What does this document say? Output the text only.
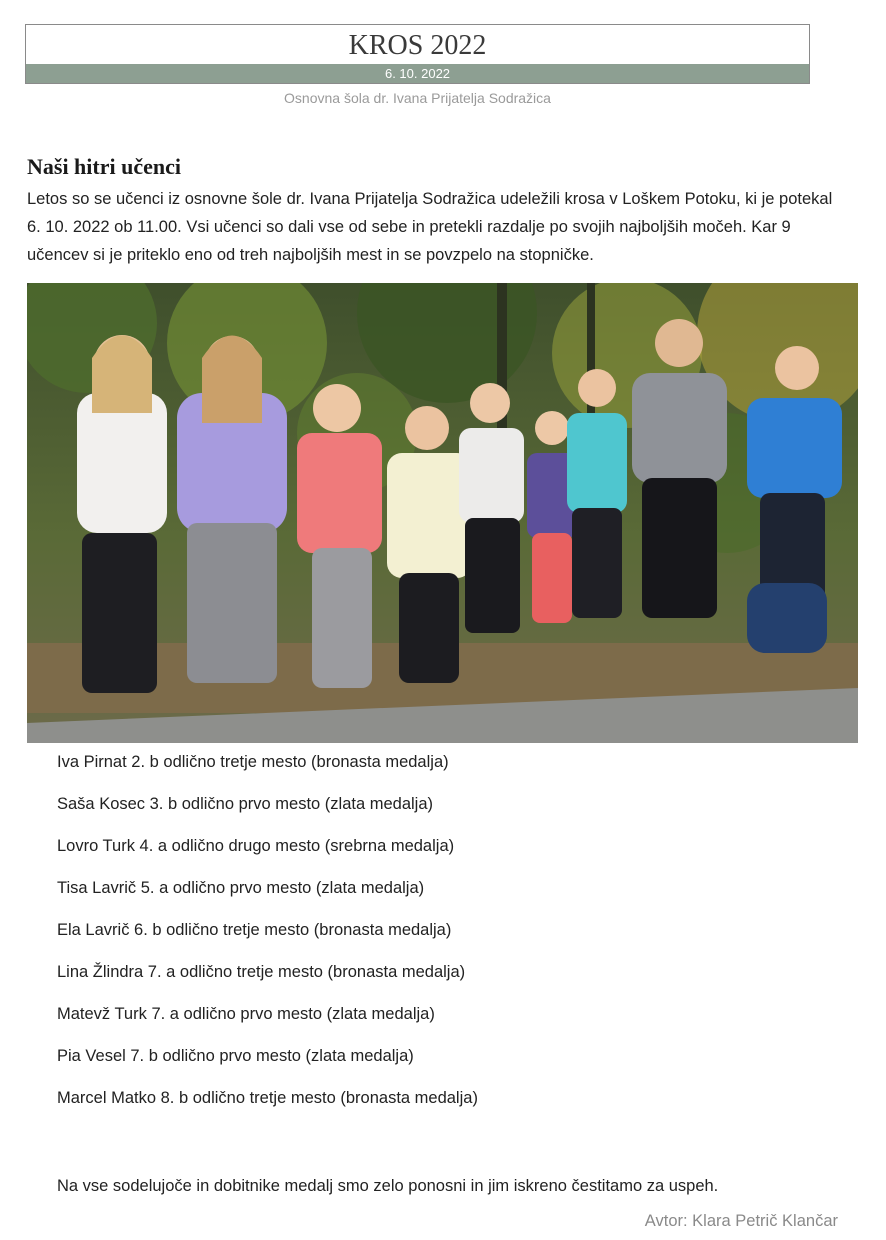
KROS 2022
6. 10. 2022
Osnovna šola dr. Ivana Prijatelja Sodražica
Naši hitri učenci

Letos so se učenci iz osnovne šole dr. Ivana Prijatelja Sodražica udeležili krosa v Loškem Potoku, ki je potekal 6. 10. 2022 ob 11.00. Vsi učenci so dali vse od sebe in pretekli razdalje po svojih najboljših močeh. Kar 9 učencev si je priteklo eno od treh najboljših mest in se povzpelo na stopničke.

Iva Pirnat 2. b odlično tretje mesto (bronasta medalja)
Saša Kosec 3. b odlično prvo mesto (zlata medalja)
Lovro Turk 4. a odlično drugo mesto (srebrna medalja)
Tisa Lavrič 5. a odlično prvo mesto (zlata medalja)
Ela Lavrič 6. b odlično tretje mesto (bronasta medalja)
Lina Žlindra 7. a odlično tretje mesto (bronasta medalja)
Matevž Turk 7. a odlično prvo mesto (zlata medalja)
Pia Vesel 7. b odlično prvo mesto (zlata medalja)
Marcel Matko 8. b odlično tretje mesto (bronasta medalja)

Na vse sodelujoče in dobitnike medalj smo zelo ponosni in jim iskreno čestitamo za uspeh.

Avtor: Klara Petrič Klančar
